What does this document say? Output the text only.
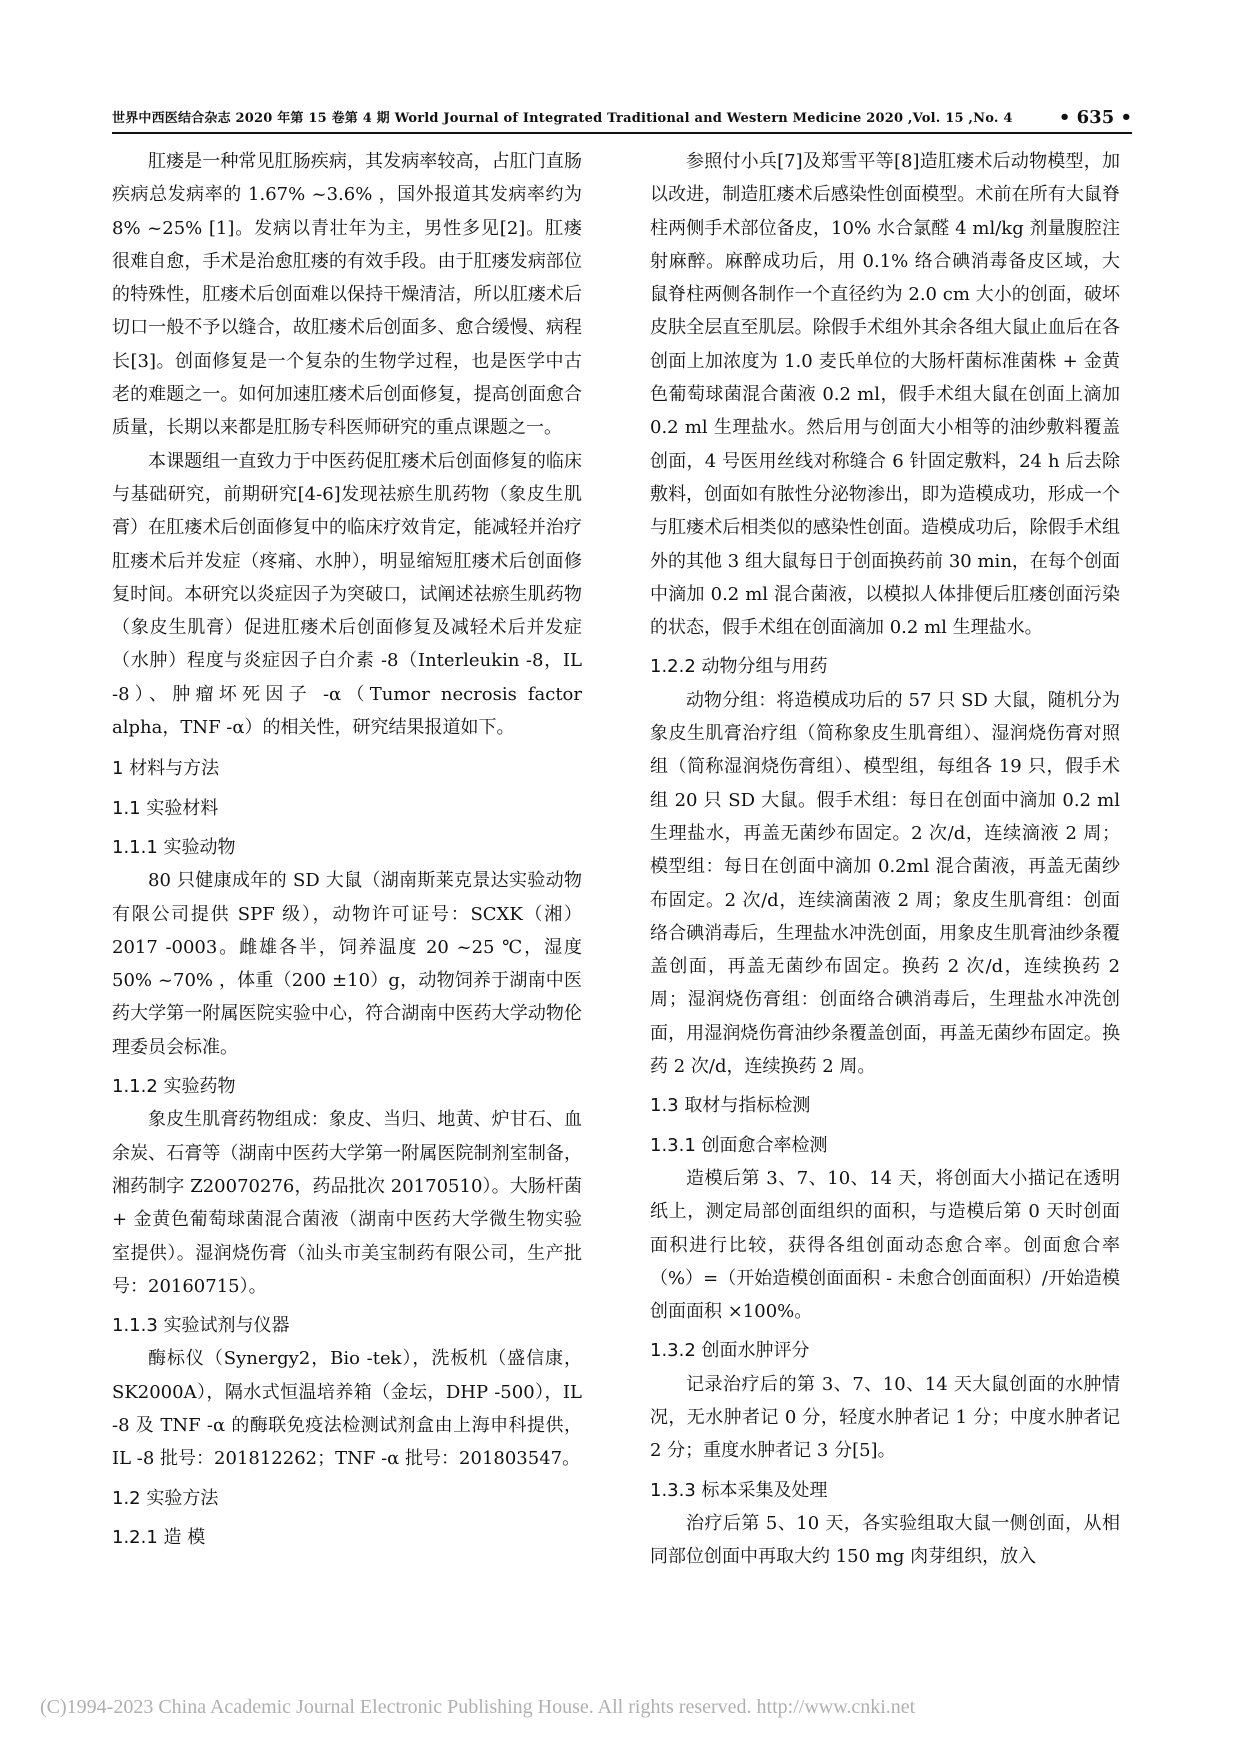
世界中西医结合杂志 2020 年第 15 卷第 4 期 World Journal of Integrated Traditional and Western Medicine 2020 ,Vol. 15 ,No. 4	• 635 •

肛瘘是一种常见肛肠疾病，其发病率较高，占肛门直肠疾病总发病率的 1.67% ~3.6% ，国外报道其发病率约为 8% ~25% [1]。发病以青壮年为主，男性多见[2]。肛瘘很难自愈，手术是治愈肛瘘的有效手段。由于肛瘘发病部位的特殊性，肛瘘术后创面难以保持干燥清洁，所以肛瘘术后切口一般不予以缝合，故肛瘘术后创面多、愈合缓慢、病程长[3]。创面修复是一个复杂的生物学过程，也是医学中古老的难题之一。如何加速肛瘘术后创面修复，提高创面愈合质量，长期以来都是肛肠专科医师研究的重点课题之一。

本课题组一直致力于中医药促肛瘘术后创面修复的临床与基础研究，前期研究[4-6]发现祛瘀生肌药物（象皮生肌膏）在肛瘘术后创面修复中的临床疗效肯定，能减轻并治疗肛瘘术后并发症（疼痛、水肿），明显缩短肛瘘术后创面修复时间。本研究以炎症因子为突破口，试阐述祛瘀生肌药物（象皮生肌膏）促进肛瘘术后创面修复及减轻术后并发症（水肿）程度与炎症因子白介素 -8（Interleukin -8，IL -8）、肿瘤坏死因子 -α（Tumor necrosis factor alpha，TNF -α）的相关性，研究结果报道如下。

1 材料与方法
1.1 实验材料
1.1.1 实验动物

80 只健康成年的 SD 大鼠（湖南斯莱克景达实验动物有限公司提供 SPF 级），动物许可证号：SCXK（湘）2017 -0003。雌雄各半，饲养温度 20 ~25 ℃，湿度 50% ~70% ，体重（200 ±10）g，动物饲养于湖南中医药大学第一附属医院实验中心，符合湖南中医药大学动物伦理委员会标准。

1.1.2 实验药物

象皮生肌膏药物组成：象皮、当归、地黄、炉甘石、血余炭、石膏等（湖南中医药大学第一附属医院制剂室制备，湘药制字 Z20070276，药品批次 20170510）。大肠杆菌 + 金黄色葡萄球菌混合菌液（湖南中医药大学微生物实验室提供）。湿润烧伤膏（汕头市美宝制药有限公司，生产批号：20160715）。

1.1.3 实验试剂与仪器

酶标仪（Synergy2，Bio -tek），洗板机（盛信康，SK2000A），隔水式恒温培养箱（金坛，DHP -500），IL -8 及 TNF -α 的酶联免疫法检测试剂盒由上海申科提供，IL -8 批号：201812262；TNF -α 批号：201803547。

1.2 实验方法
1.2.1 造 模

参照付小兵[7]及郑雪平等[8]造肛瘘术后动物模型，加以改进，制造肛瘘术后感染性创面模型。术前在所有大鼠脊柱两侧手术部位备皮，10% 水合氯醛 4 ml/kg 剂量腹腔注射麻醉。麻醉成功后，用 0.1% 络合碘消毒备皮区域，大鼠脊柱两侧各制作一个直径约为 2.0 cm 大小的创面，破坏皮肤全层直至肌层。除假手术组外其余各组大鼠止血后在各创面上加浓度为 1.0 麦氏单位的大肠杆菌标准菌株 + 金黄色葡萄球菌混合菌液 0.2 ml，假手术组大鼠在创面上滴加 0.2 ml 生理盐水。然后用与创面大小相等的油纱敷料覆盖创面，4 号医用丝线对称缝合 6 针固定敷料，24 h 后去除敷料，创面如有脓性分泌物渗出，即为造模成功，形成一个与肛瘘术后相类似的感染性创面。造模成功后，除假手术组外的其他 3 组大鼠每日于创面换药前 30 min，在每个创面中滴加 0.2 ml 混合菌液，以模拟人体排便后肛瘘创面污染的状态，假手术组在创面滴加 0.2 ml 生理盐水。

1.2.2 动物分组与用药

动物分组：将造模成功后的 57 只 SD 大鼠，随机分为象皮生肌膏治疗组（简称象皮生肌膏组）、湿润烧伤膏对照组（简称湿润烧伤膏组）、模型组，每组各 19 只，假手术组 20 只 SD 大鼠。假手术组：每日在创面中滴加 0.2 ml 生理盐水，再盖无菌纱布固定。2 次/d，连续滴液 2 周；模型组：每日在创面中滴加 0.2ml 混合菌液，再盖无菌纱布固定。2 次/d，连续滴菌液 2 周；象皮生肌膏组：创面络合碘消毒后，生理盐水冲洗创面，用象皮生肌膏油纱条覆盖创面，再盖无菌纱布固定。换药 2 次/d，连续换药 2 周；湿润烧伤膏组：创面络合碘消毒后，生理盐水冲洗创面，用湿润烧伤膏油纱条覆盖创面，再盖无菌纱布固定。换药 2 次/d，连续换药 2 周。

1.3 取材与指标检测
1.3.1 创面愈合率检测

造模后第 3、7、10、14 天，将创面大小描记在透明纸上，测定局部创面组织的面积，与造模后第 0 天时创面面积进行比较，获得各组创面动态愈合率。创面愈合率（%）=（开始造模创面面积 - 未愈合创面面积）/开始造模创面面积 ×100%。

1.3.2 创面水肿评分

记录治疗后的第 3、7、10、14 天大鼠创面的水肿情况，无水肿者记 0 分，轻度水肿者记 1 分；中度水肿者记 2 分；重度水肿者记 3 分[5]。

1.3.3 标本采集及处理

治疗后第 5、10 天，各实验组取大鼠一侧创面，从相同部位创面中再取大约 150 mg 肉芽组织，放入

(C)1994-2023 China Academic Journal Electronic Publishing House. All rights reserved. http://www.cnki.net
